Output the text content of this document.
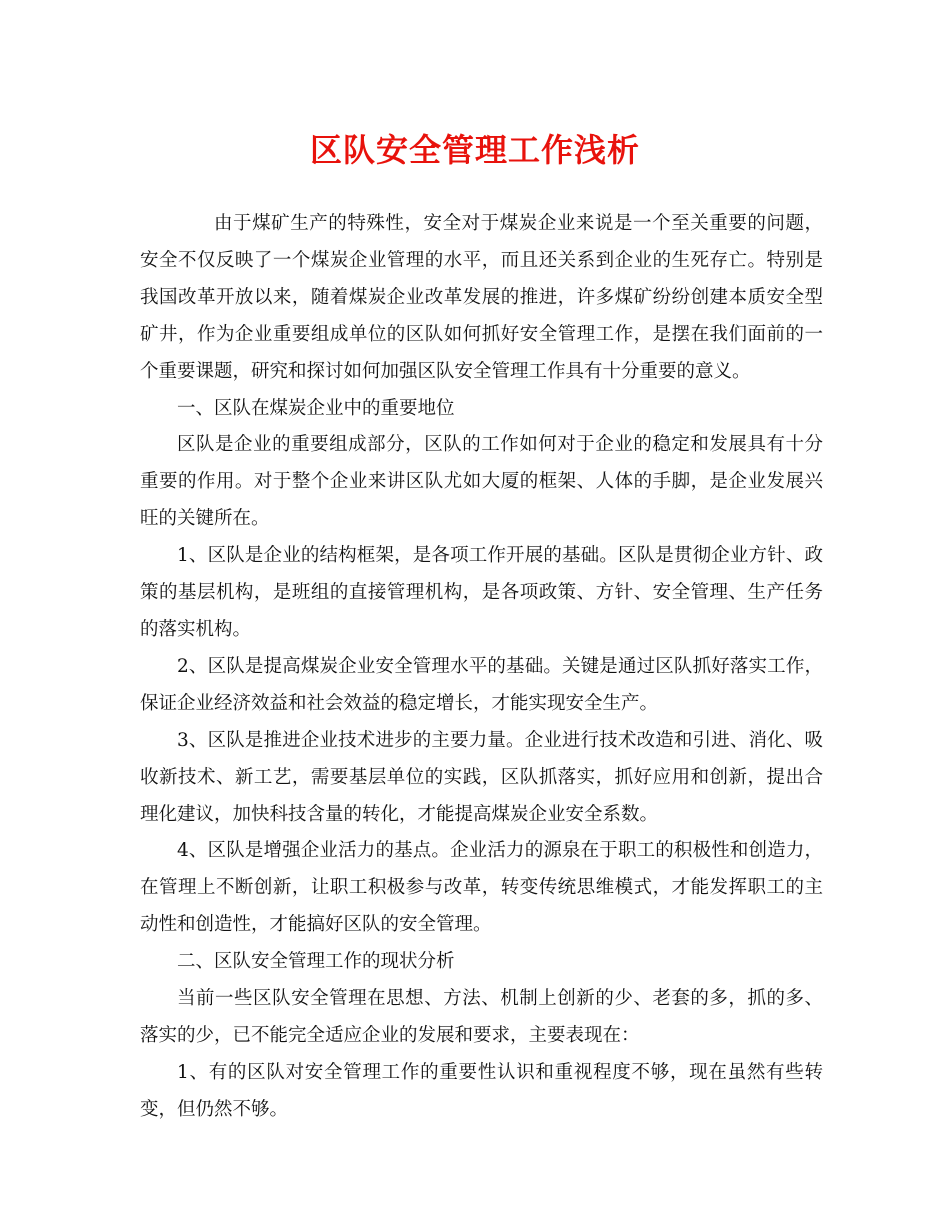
区队安全管理工作浅析

由于煤矿生产的特殊性，安全对于煤炭企业来说是一个至关重要的问题，安全不仅反映了一个煤炭企业管理的水平，而且还关系到企业的生死存亡。特别是我国改革开放以来，随着煤炭企业改革发展的推进，许多煤矿纷纷创建本质安全型矿井，作为企业重要组成单位的区队如何抓好安全管理工作，是摆在我们面前的一个重要课题，研究和探讨如何加强区队安全管理工作具有十分重要的意义。

一、区队在煤炭企业中的重要地位

区队是企业的重要组成部分，区队的工作如何对于企业的稳定和发展具有十分重要的作用。对于整个企业来讲区队尤如大厦的框架、人体的手脚，是企业发展兴旺的关键所在。

1、区队是企业的结构框架，是各项工作开展的基础。区队是贯彻企业方针、政策的基层机构，是班组的直接管理机构，是各项政策、方针、安全管理、生产任务的落实机构。

2、区队是提高煤炭企业安全管理水平的基础。关键是通过区队抓好落实工作，保证企业经济效益和社会效益的稳定增长，才能实现安全生产。

3、区队是推进企业技术进步的主要力量。企业进行技术改造和引进、消化、吸收新技术、新工艺，需要基层单位的实践，区队抓落实，抓好应用和创新，提出合理化建议，加快科技含量的转化，才能提高煤炭企业安全系数。

4、区队是增强企业活力的基点。企业活力的源泉在于职工的积极性和创造力，在管理上不断创新，让职工积极参与改革，转变传统思维模式，才能发挥职工的主动性和创造性，才能搞好区队的安全管理。

二、区队安全管理工作的现状分析

当前一些区队安全管理在思想、方法、机制上创新的少、老套的多，抓的多、落实的少，已不能完全适应企业的发展和要求，主要表现在：

1、有的区队对安全管理工作的重要性认识和重视程度不够，现在虽然有些转变，但仍然不够。
